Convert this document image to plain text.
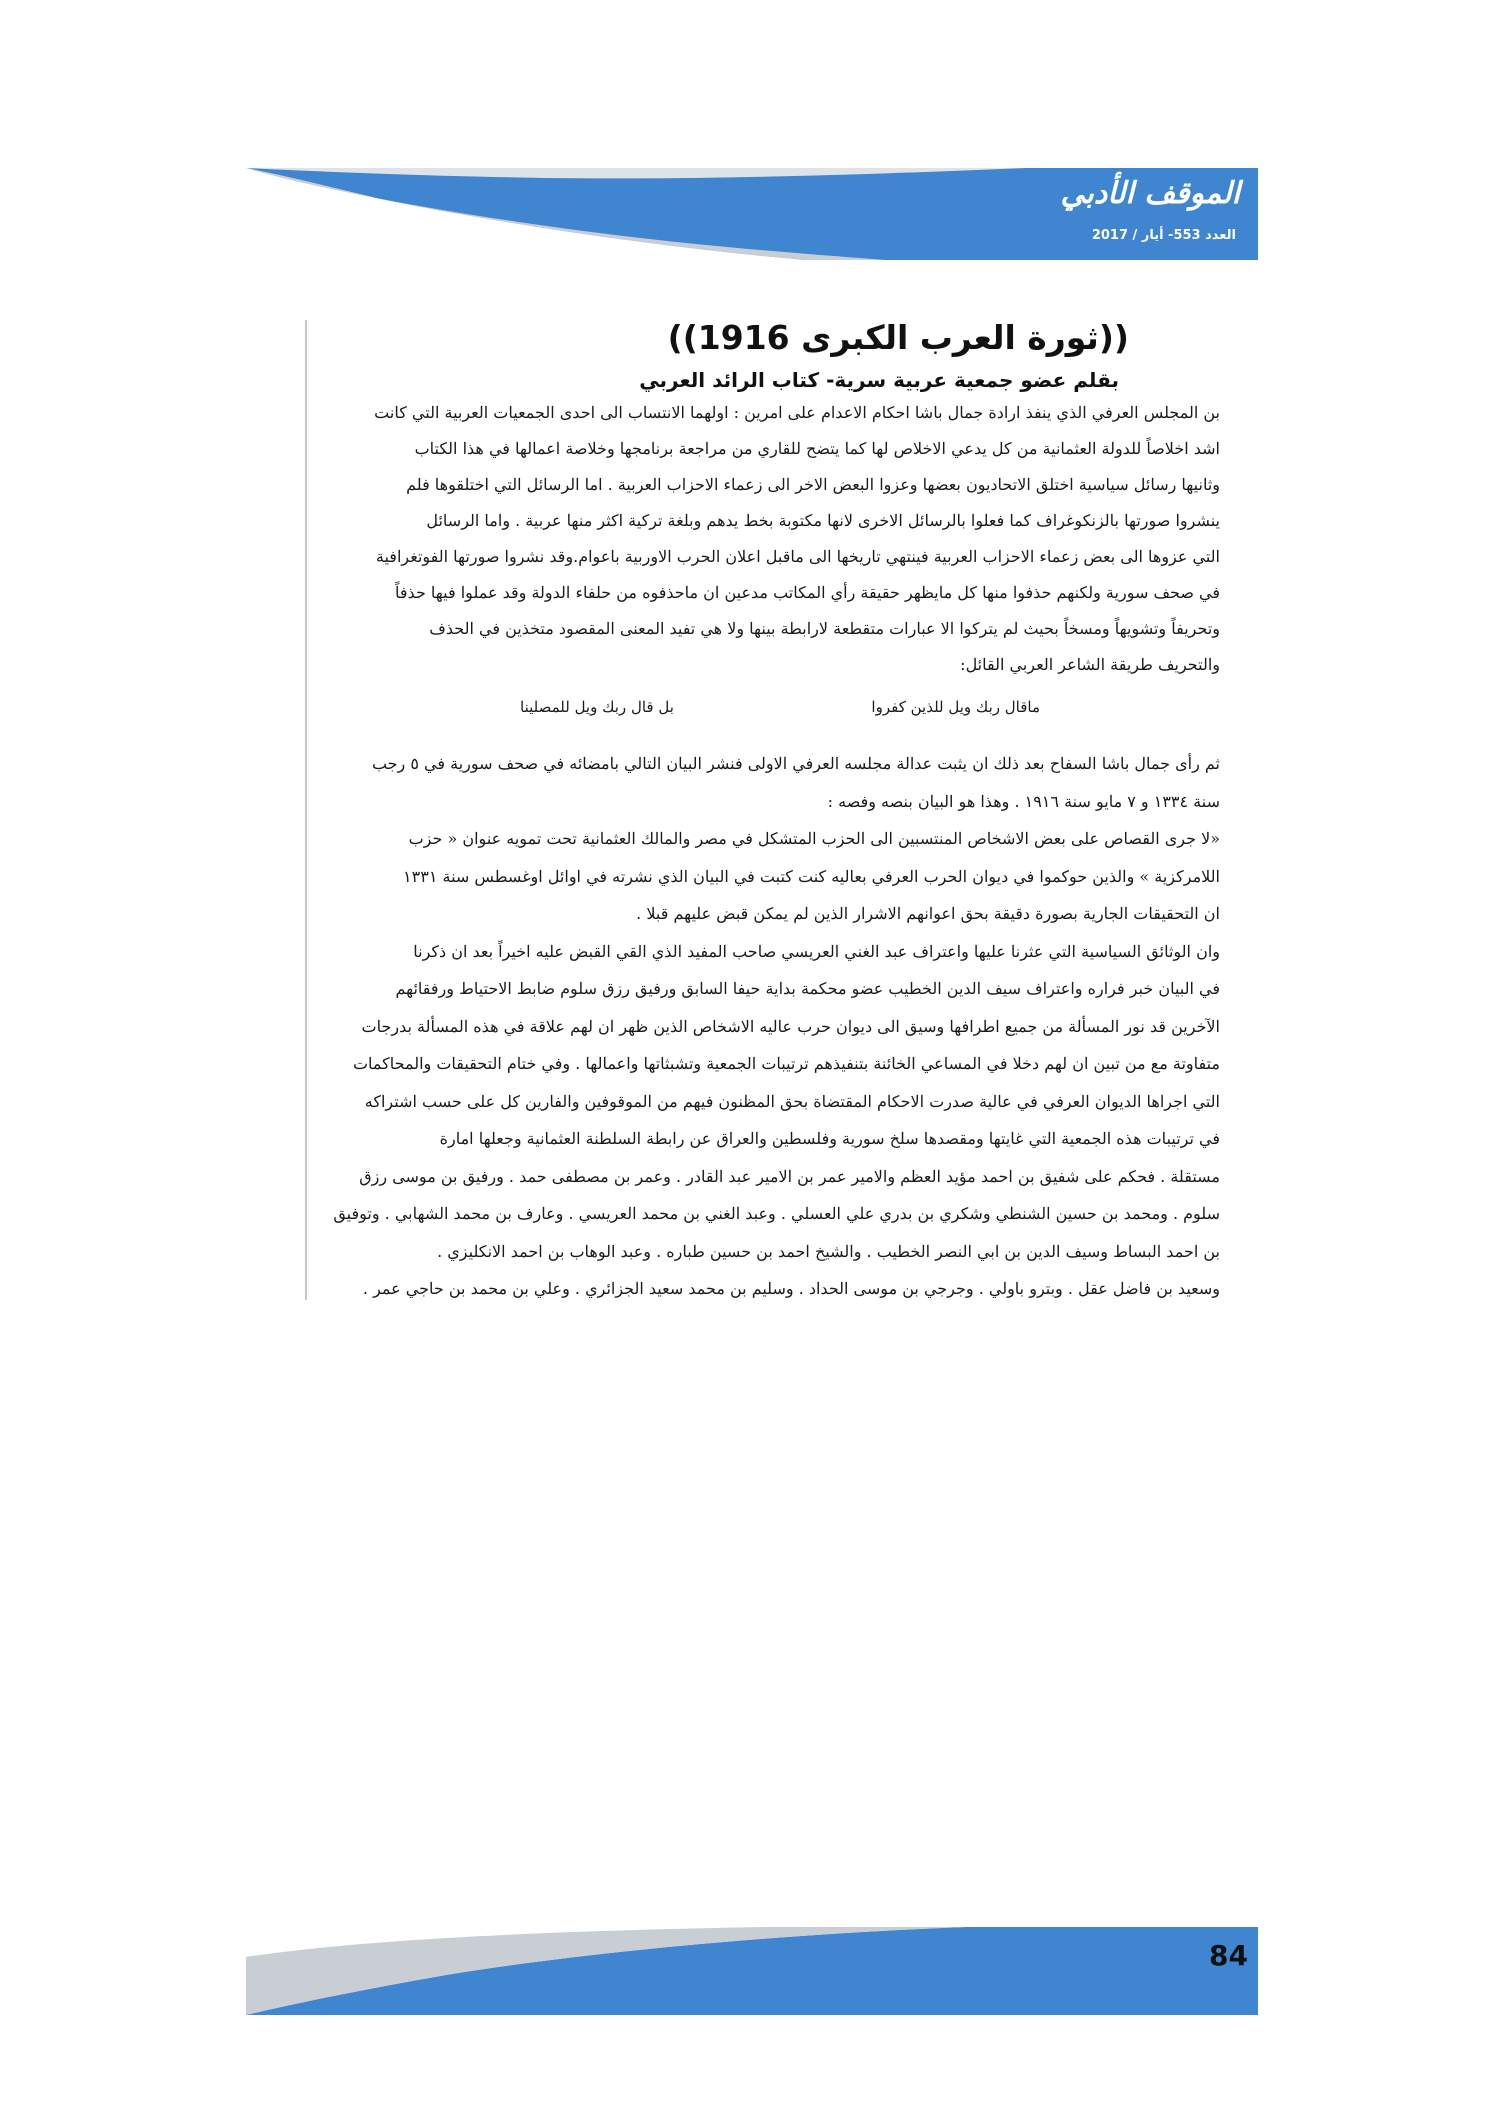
الموقف الأدبي
العدد 553- أيار / 2017
((ثورة العرب الكبرى 1916))
بقلم عضو جمعية عربية سرية- كتاب الرائد العربي

بن المجلس العرفي الذي ينفذ ارادة جمال باشا احكام الاعدام على امرين : اولهما الانتساب الى احدى الجمعيات العربية التي كانت

اشد اخلاصاً للدولة العثمانية من كل يدعي الاخلاص لها كما يتضح للقاري من مراجعة برنامجها وخلاصة اعمالها في هذا الكتاب

وثانيها رسائل سياسية اختلق الاتحاديون بعضها وعزوا البعض الاخر الى زعماء الاحزاب العربية . اما الرسائل التي اختلقوها فلم

ينشروا صورتها بالزنكوغراف كما فعلوا بالرسائل الاخرى لانها مكتوبة بخط يدهم وبلغة تركية اكثر منها عربية . واما الرسائل

التي عزوها الى بعض زعماء الاحزاب العربية فينتهي تاريخها الى ماقبل اعلان الحرب الاوربية باعوام.وقد نشروا صورتها الفوتغرافية

في صحف سورية ولكنهم حذفوا منها كل مايظهر حقيقة رأي المكاتب مدعين ان ماحذفوه من حلفاء الدولة وقد عملوا فيها حذفاً

وتحريفاً وتشويهاً ومسخاً بحيث لم يتركوا الا عبارات متقطعة لارابطة بينها ولا هي تفيد المعنى المقصود متخذين في الحذف

والتحريف طريقة الشاعر العربي القائل:

ماقال ربك ويل للذين كفروا
بل قال ربك ويل للمصلينا

ثم رأى جمال باشا السفاح بعد ذلك ان يثبت عدالة مجلسه العرفي الاولى فنشر البيان التالي بامضائه في صحف سورية في ٥ رجب

سنة ١٣٣٤ و ٧ مايو سنة ١٩١٦ . وهذا هو البيان بنصه وفصه :

«لا جرى القصاص على بعض الاشخاص المنتسبين الى الحزب المتشكل في مصر والمالك العثمانية تحت تمويه عنوان « حزب

اللامركزية » والذين حوكموا في ديوان الحرب العرفي بعاليه كنت كتبت في البيان الذي نشرته في اوائل اوغسطس سنة ١٣٣١

ان التحقيقات الجارية بصورة دقيقة بحق اعوانهم الاشرار الذين لم يمكن قبض عليهم قبلا .

وان الوثائق السياسية التي عثرنا عليها واعتراف عبد الغني العريسي صاحب المفيد الذي القي القبض عليه اخيراً بعد ان ذكرنا

في البيان خبر فراره واعتراف سيف الدين الخطيب عضو محكمة بداية حيفا السابق ورفيق رزق سلوم ضابط الاحتياط ورفقائهم

الآخرين قد نور المسألة من جميع اطرافها وسيق الى ديوان حرب عاليه الاشخاص الذين ظهر ان لهم علاقة في هذه المسألة بدرجات

متفاوتة مع من تبين ان لهم دخلا في المساعي الخائنة بتنفيذهم ترتيبات الجمعية وتشبثاتها واعمالها . وفي ختام التحقيقات والمحاكمات

التي اجراها الديوان العرفي في عالية صدرت الاحكام المقتضاة بحق المظنون فيهم من الموقوفين والفارين كل على حسب اشتراكه

في ترتيبات هذه الجمعية التي غايتها ومقصدها سلخ سورية وفلسطين والعراق عن رابطة السلطنة العثمانية وجعلها امارة

مستقلة . فحكم على شفيق بن احمد مؤيد العظم والامير عمر بن الامير عبد القادر . وعمر بن مصطفى حمد . ورفيق بن موسى رزق

سلوم . ومحمد بن حسين الشنطي وشكري بن بدري علي العسلي . وعبد الغني بن محمد العريسي . وعارف بن محمد الشهابي . وتوفيق

بن احمد البساط وسيف الدين بن ابي النصر الخطيب . والشيخ احمد بن حسين طباره . وعبد الوهاب بن احمد الانكليزي .

وسعيد بن فاضل عقل . وبترو باولي . وجرجي بن موسى الحداد . وسليم بن محمد سعيد الجزائري . وعلي بن محمد بن حاجي عمر .

84
